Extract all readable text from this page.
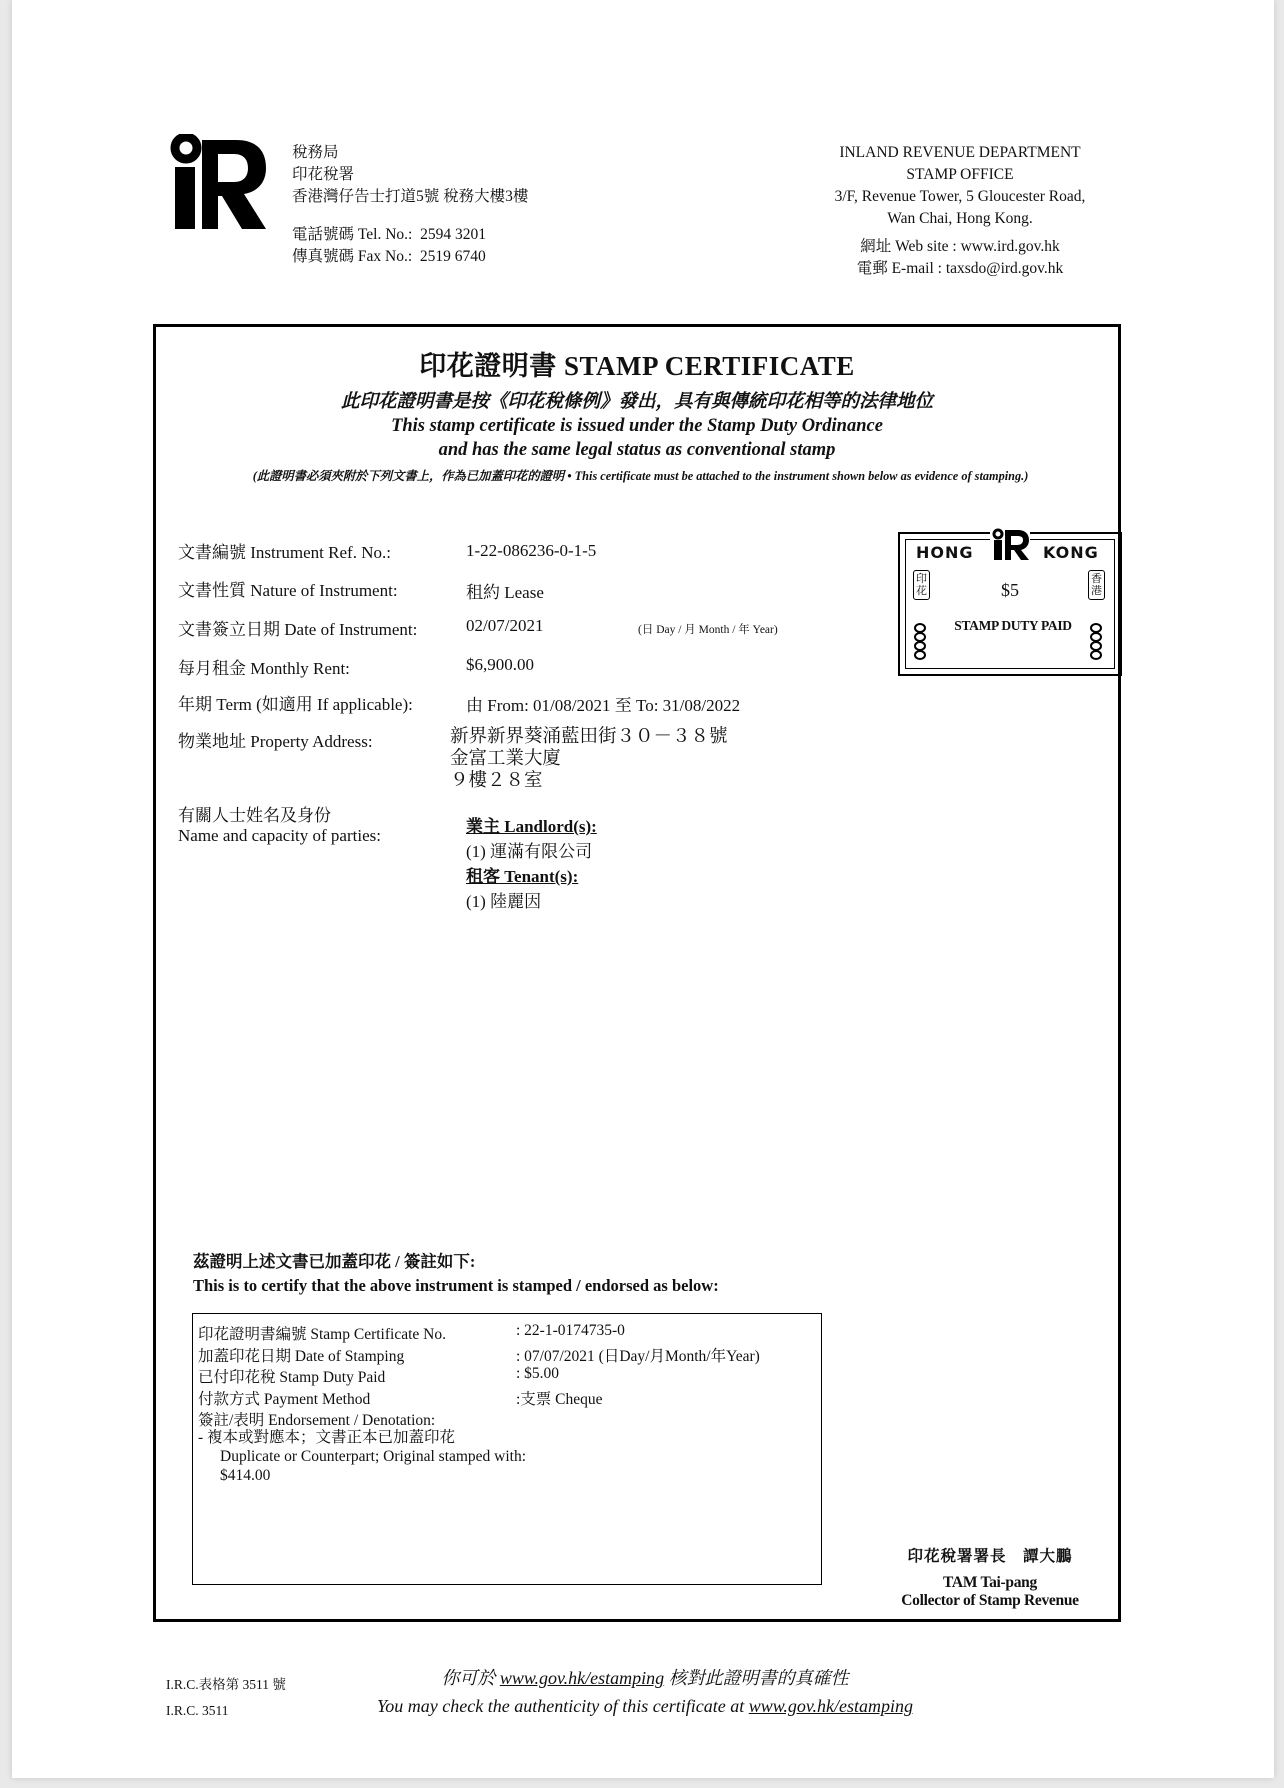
稅務局
印花稅署
香港灣仔告士打道5號 稅務大樓3樓
電話號碼 Tel. No.: 2594 3201
傳真號碼 Fax No.: 2519 6740
INLAND REVENUE DEPARTMENT
STAMP OFFICE
3/F, Revenue Tower, 5 Gloucester Road,
Wan Chai, Hong Kong.
網址 Web site : www.ird.gov.hk
電郵 E-mail : taxsdo@ird.gov.hk
印花證明書 STAMP CERTIFICATE
此印花證明書是按《印花稅條例》發出，具有與傳統印花相等的法律地位
This stamp certificate is issued under the Stamp Duty Ordinance
and has the same legal status as conventional stamp
(此證明書必須夾附於下列文書上，作為已加蓋印花的證明 • This certificate must be attached to the instrument shown below as evidence of stamping.)
文書編號 Instrument Ref. No.:	1-22-086236-0-1-5
文書性質 Nature of Instrument:	租約 Lease
文書簽立日期 Date of Instrument:	02/07/2021	(日 Day / 月 Month / 年 Year)
每月租金 Monthly Rent:	$6,900.00
年期 Term (如適用 If applicable):	由 From: 01/08/2021 至 To: 31/08/2022
物業地址 Property Address:	新界新界葵涌藍田街３０－３８號
金富工業大廈
９樓２８室
有關人士姓名及身份
Name and capacity of parties:	業主 Landlord(s):
(1) 運滿有限公司
租客 Tenant(s):
(1) 陸麗因
HONG	KONG
$5
STAMP DUTY PAID
印花
香港
茲證明上述文書已加蓋印花 / 簽註如下:
This is to certify that the above instrument is stamped / endorsed as below:
印花證明書編號 Stamp Certificate No.	: 22-1-0174735-0
加蓋印花日期 Date of Stamping	: 07/07/2021 (日Day/月Month/年Year)
已付印花稅 Stamp Duty Paid	: $5.00
付款方式 Payment Method	:支票 Cheque
簽註/表明 Endorsement / Denotation:
- 複本或對應本；文書正本已加蓋印花
Duplicate or Counterpart; Original stamped with:
$414.00
印花稅署署長　譚大鵬
TAM Tai-pang
Collector of Stamp Revenue
I.R.C.表格第 3511 號
I.R.C. 3511
你可於 www.gov.hk/estamping 核對此證明書的真確性
You may check the authenticity of this certificate at www.gov.hk/estamping
